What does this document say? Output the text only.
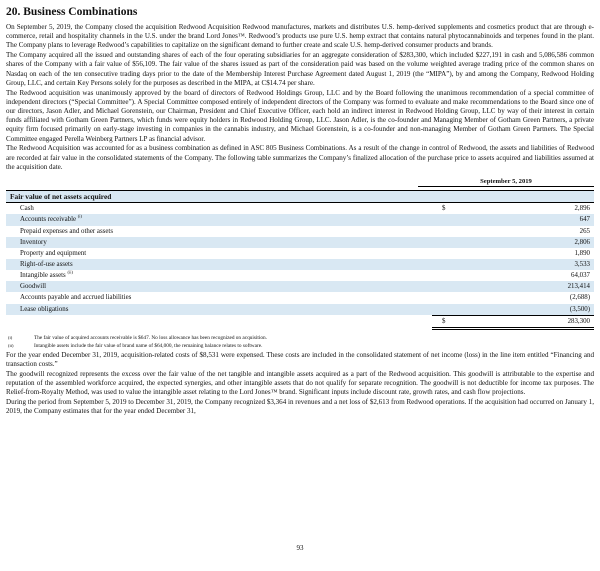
20. Business Combinations

On September 5, 2019, the Company closed the acquisition Redwood Acquisition Redwood manufactures, markets and distributes U.S. hemp-derived supplements and cosmetics product that are through e-commerce, retail and hospitality channels in the U.S. under the brand Lord Jones™. Redwood’s products use pure U.S. hemp extract that contains natural phytocannabinoids and terpenes found in the plant. The Company plans to leverage Redwood’s capabilities to capitalize on the significant demand to further create and scale U.S. hemp-derived consumer products and brands.

The Company acquired all the issued and outstanding shares of each of the four operating subsidiaries for an aggregate consideration of $283,300, which included $227,191 in cash and 5,086,586 common shares of the Company with a fair value of $56,109. The fair value of the shares issued as part of the consideration paid was based on the volume weighted average trading price of the common shares on Nasdaq on each of the ten consecutive trading days prior to the date of the Membership Interest Purchase Agreement dated August 1, 2019 (the “MIPA”), by and among the Company, Redwood Holding Group, LLC, and certain Key Persons solely for the purposes as described in the MIPA, at C$14.74 per share.

The Redwood acquisition was unanimously approved by the board of directors of Redwood Holdings Group, LLC and by the Board following the unanimous recommendation of a special committee of independent directors (“Special Committee”). A Special Committee composed entirely of independent directors of the Company was formed to evaluate and make recommendations to the Board since one of our directors, Jason Adler, and Michael Gorenstein, our Chairman, President and Chief Executive Officer, each hold an indirect interest in Redwood Holding Group, LLC by way of their interest in certain funds affiliated with Gotham Green Partners, which funds were equity holders in Redwood Holding Group, LLC. Jason Adler, is the co-founder and Managing Member of Gotham Green Partners, a private equity firm focused primarily on early-stage investing in companies in the cannabis industry, and Michael Gorenstein, is a co-founder and non-managing Member of Gotham Green Partners. The Special Committee engaged Perella Weinberg Partners LP as financial advisor.

The Redwood Acquisition was accounted for as a business combination as defined in ASC 805 Business Combinations. As a result of the change in control of Redwood, the assets and liabilities of Redwood are recorded at fair value in the consolidated statements of the Company. The following table summarizes the Company’s finalized allocation of the purchase price to assets acquired and liabilities assumed at the acquisition date.

September 5, 2019
Fair value of net assets acquired		
Cash	$	2,896
Accounts receivable $^{(i)}$		647
Prepaid expenses and other assets		265
Inventory		2,806
Property and equipment		1,890
Right-of-use assets		3,533
Intangible assets $^{(ii)}$		64,037
Goodwill		213,414
Accounts payable and accrued liabilities		(2,688)
Lease obligations		(3,500)
	$	283,300
(i)	The fair value of acquired accounts receivable is $647. No loss allowance has been recognized on acquisition.
(ii)	Intangible assets include the fair value of brand name of $64,000, the remaining balance relates to software.

For the year ended December 31, 2019, acquisition-related costs of $8,531 were expensed. These costs are included in the consolidated statement of net income (loss) in the line item entitled “Financing and transaction costs.”

The goodwill recognized represents the excess over the fair value of the net tangible and intangible assets acquired as a part of the Redwood acquisition. This goodwill is attributable to the expertise and reputation of the assembled workforce acquired, the expected synergies, and other intangible assets that do not qualify for separate recognition. The goodwill is not deductible for income tax purposes. The Relief-from-Royalty Method, was used to value the intangible asset relating to the Lord Jones™ brand. Significant inputs include discount rate, growth rates, and cash flow projections.

During the period from September 5, 2019 to December 31, 2019, the Company recognized $3,364 in revenues and a net loss of $2,613 from Redwood operations. If the acquisition had occurred on January 1, 2019, the Company estimates that for the year ended December 31,

93
